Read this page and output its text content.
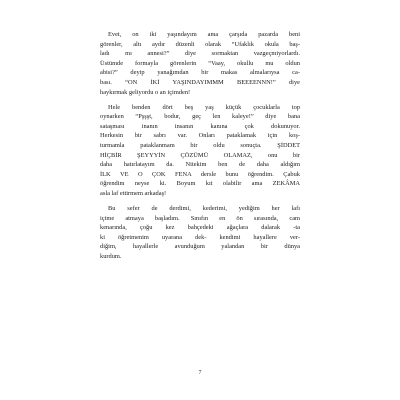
Evet, on iki yaşındayım ama çarşıda pazarda beni
görenler, altı aydır düzenli olarak “Ufaklık okula baş-
ladı mı annesi?” diye sormaktan vazgeçmiyorlardı.
Üstümde formayla görenlerin “Vaay, okullu mu oldun
abisi?” deyip yanağımdan bir makas almalarıysa ca-
bası. “ON İKİ YAŞINDAYIMMM BEEEENNN!” diye
haykırmak geliyordu o an içimden!

Hele benden dört beş yaş küçük çocuklarla top
oynarken “Pşşşt, bodur, geç len kaleye!” diye bana
sataşması inanın insanın kanına çok dokunuyor.
Herkesin bir sabrı var. Onları pataklamak için koş-
turmamla pataklanmam bir oldu sonuçta. ŞİDDET
HİÇBİR ŞEYYYİN ÇÖZÜMÜ OLAMAZ, onu bir
daha hatırlatayım da. Nitekim ben de daha aldığım
İLK VE O ÇOK FENA dersle bunu öğrendim. Çabuk
öğrendim neyse ki. Boyum kıt olabilir ama ZEKÂMA
asla laf ettirmem arkadaş!

Bu sefer de derdimi, kederimi, yediğim her lafı
içime atmaya başladım. Sınıfın en ön sırasında, cam
kenarında, çoğu kez bahçedeki ağaçlara dalarak -ta
ki öğretmenim uyarana dek- kendimi hayallere ver-
diğim, hayallerle avunduğum yalandan bir dünya
kurdum.

7
